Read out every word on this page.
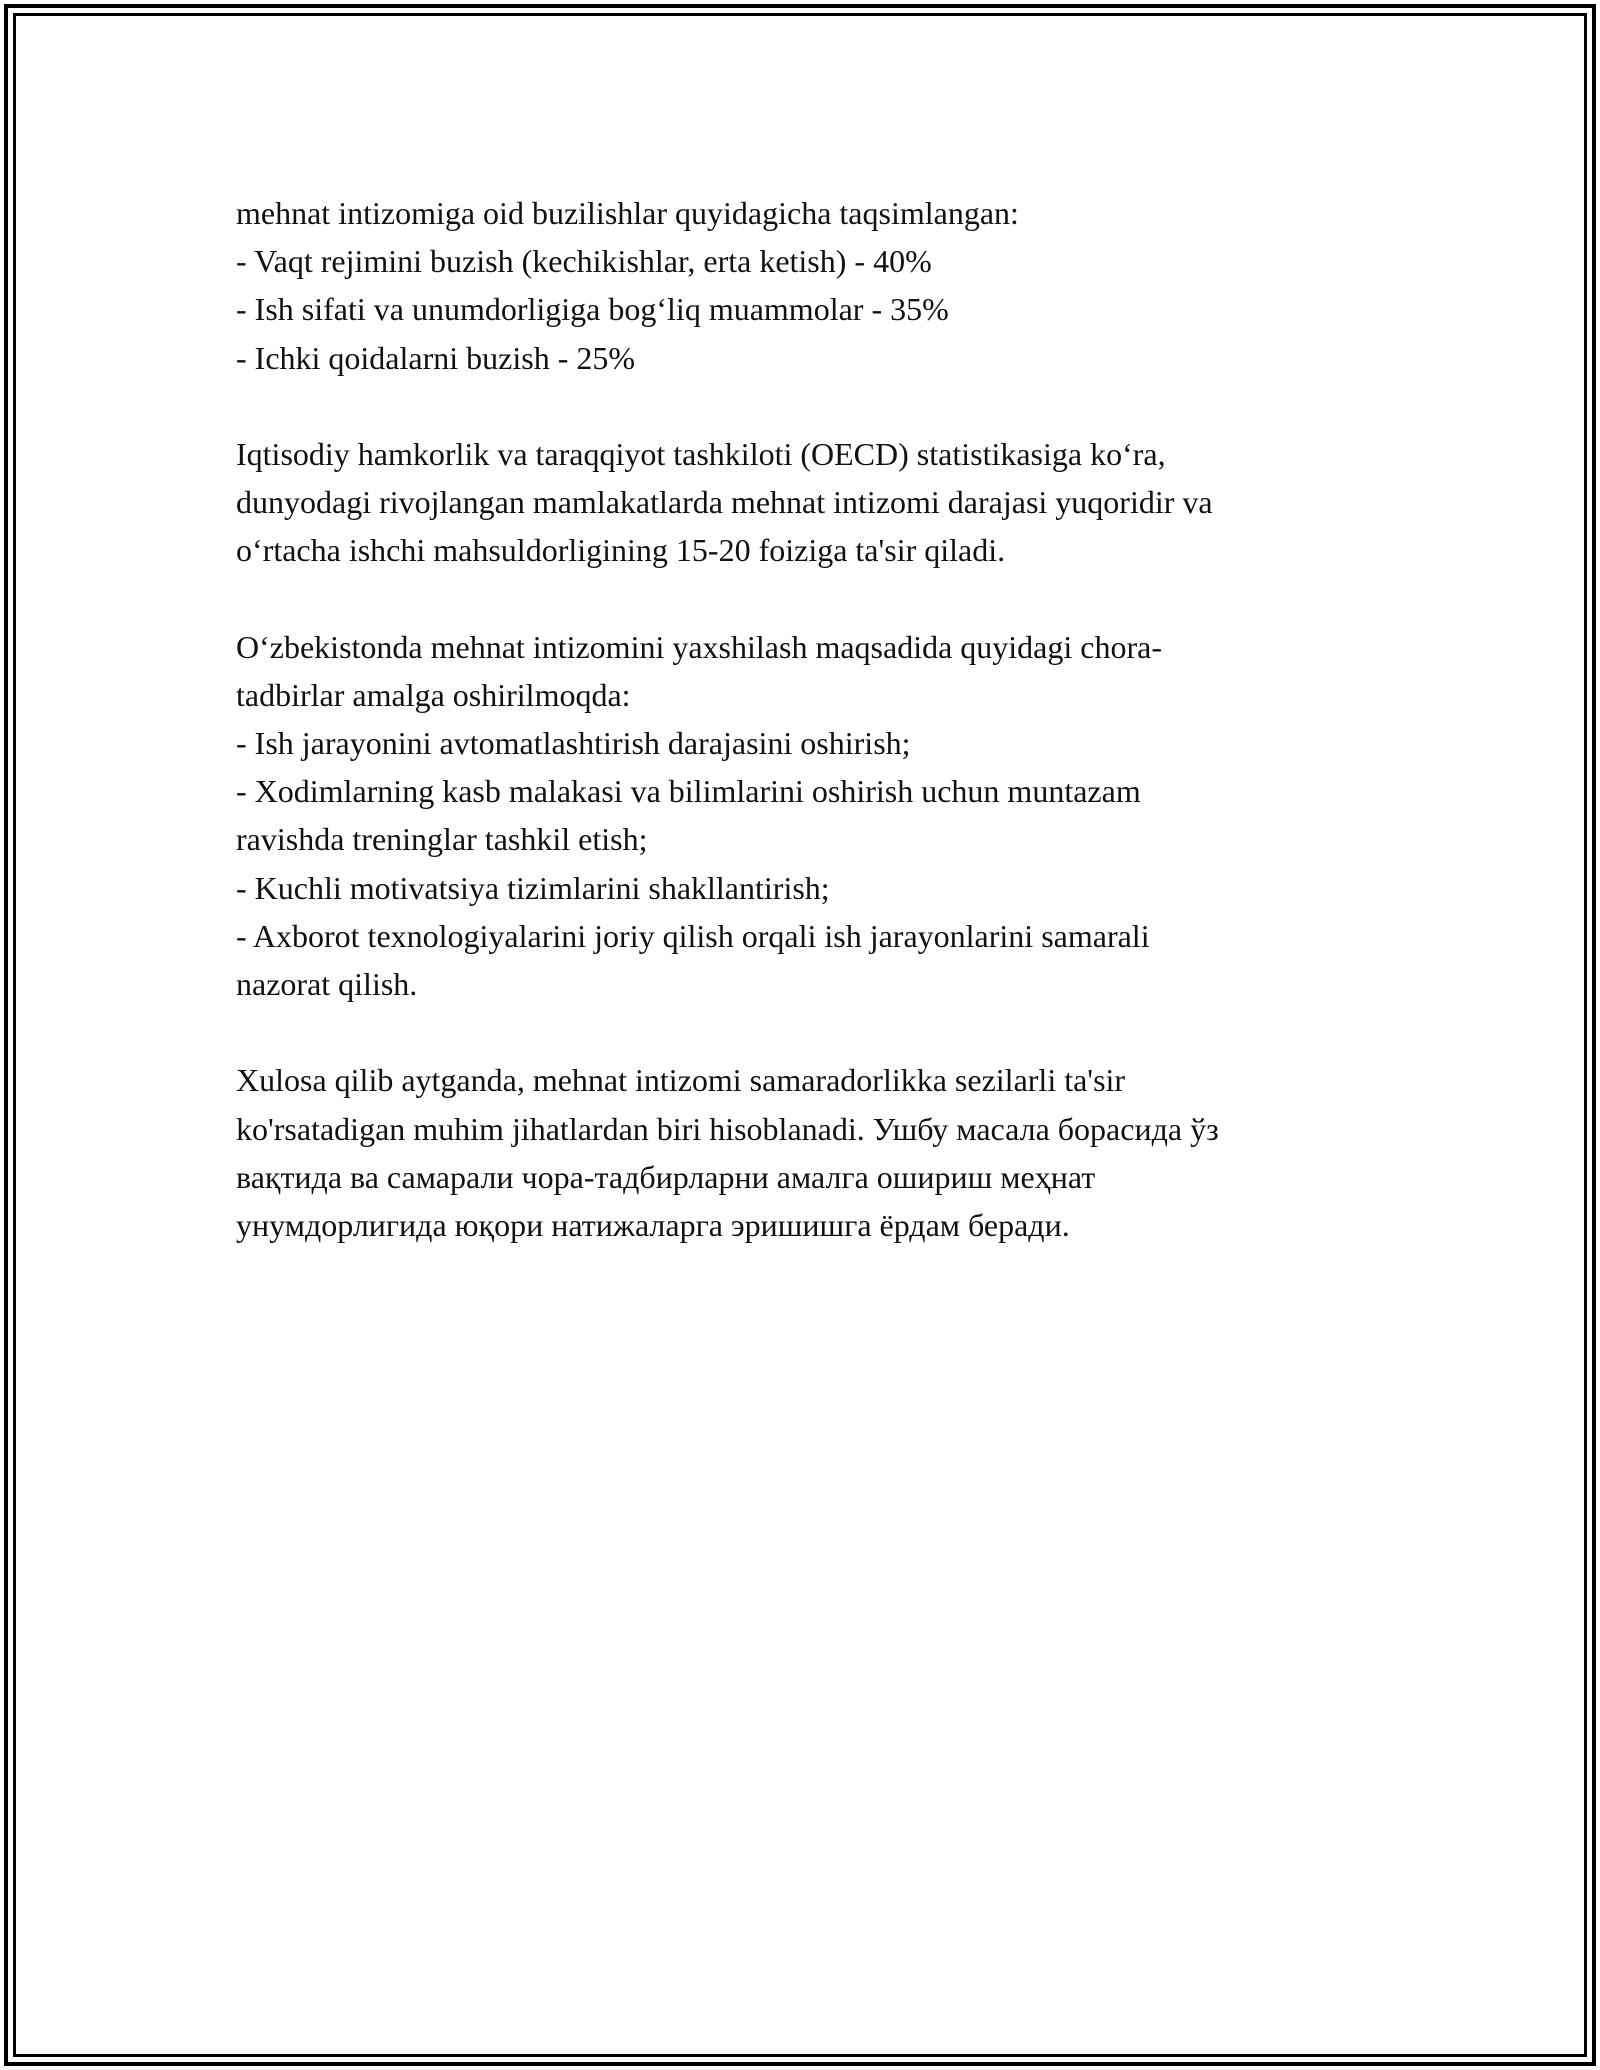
mehnat intizomiga oid buzilishlar quyidagicha taqsimlangan:
- Vaqt rejimini buzish (kechikishlar, erta ketish) - 40%
- Ish sifati va unumdorligiga bog‘liq muammolar - 35%
- Ichki qoidalarni buzish - 25%
Iqtisodiy hamkorlik va taraqqiyot tashkiloti (OECD) statistikasiga ko‘ra,
dunyodagi rivojlangan mamlakatlarda mehnat intizomi darajasi yuqoridir va
o‘rtacha ishchi mahsuldorligining 15-20 foiziga ta'sir qiladi.
O‘zbekistonda mehnat intizomini yaxshilash maqsadida quyidagi chora-
tadbirlar amalga oshirilmoqda:
- Ish jarayonini avtomatlashtirish darajasini oshirish;
- Xodimlarning kasb malakasi va bilimlarini oshirish uchun muntazam
ravishda treninglar tashkil etish;
- Kuchli motivatsiya tizimlarini shakllantirish;
- Axborot texnologiyalarini joriy qilish orqali ish jarayonlarini samarali
nazorat qilish.
Xulosa qilib aytganda, mehnat intizomi samaradorlikka sezilarli ta'sir
ko'rsatadigan muhim jihatlardan biri hisoblanadi. Ушбу масала борасида ўз
вақтида ва самарали чора-тадбирларни амалга ошириш меҳнат
унумдорлигида юқори натижаларга эришишга ёрдам беради.
